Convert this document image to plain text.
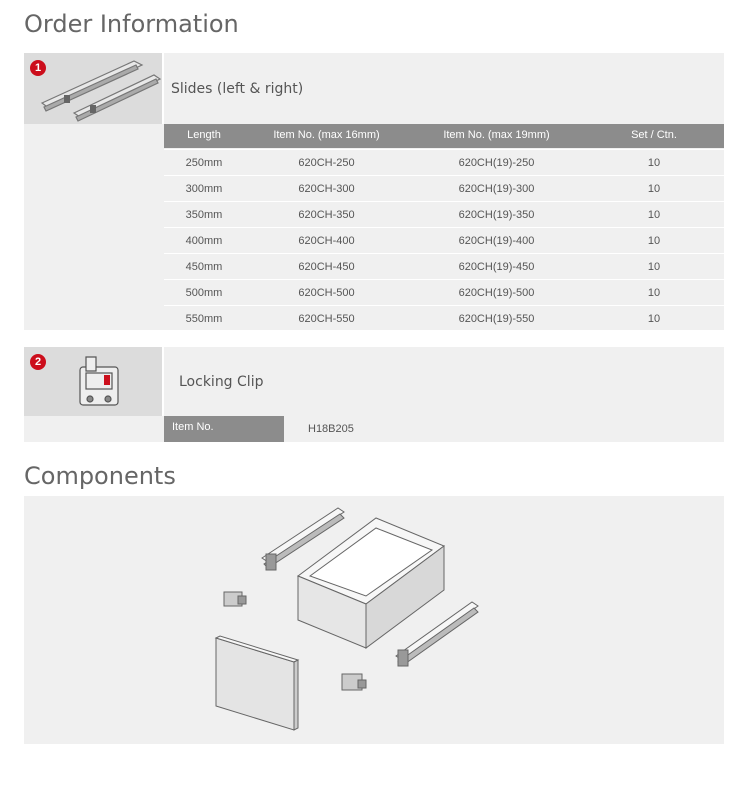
Order Information
1
Slides (left & right)
Length	Item No. (max 16mm)	Item No. (max 19mm)	Set / Ctn.
250mm	620CH-250	620CH(19)-250	10
300mm	620CH-300	620CH(19)-300	10
350mm	620CH-350	620CH(19)-350	10
400mm	620CH-400	620CH(19)-400	10
450mm	620CH-450	620CH(19)-450	10
500mm	620CH-500	620CH(19)-500	10
550mm	620CH-550	620CH(19)-550	10
2
Locking Clip
Item No.	H18B205
Components
